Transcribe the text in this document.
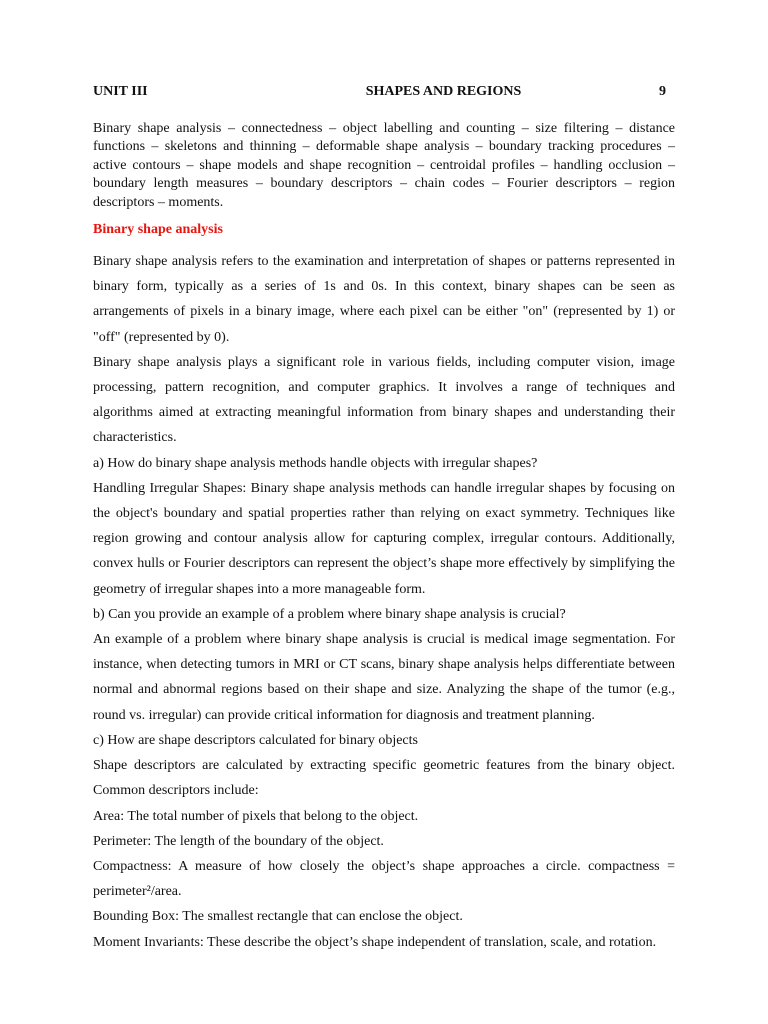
UNIT III	SHAPES AND REGIONS	9

Binary shape analysis – connectedness – object labelling and counting – size filtering – distance functions – skeletons and thinning – deformable shape analysis – boundary tracking procedures – active contours – shape models and shape recognition – centroidal profiles – handling occlusion – boundary length measures – boundary descriptors – chain codes – Fourier descriptors – region descriptors – moments.

Binary shape analysis

Binary shape analysis refers to the examination and interpretation of shapes or patterns represented in binary form, typically as a series of 1s and 0s. In this context, binary shapes can be seen as arrangements of pixels in a binary image, where each pixel can be either "on" (represented by 1) or "off" (represented by 0).

Binary shape analysis plays a significant role in various fields, including computer vision, image processing, pattern recognition, and computer graphics. It involves a range of techniques and algorithms aimed at extracting meaningful information from binary shapes and understanding their characteristics.

a) How do binary shape analysis methods handle objects with irregular shapes?

Handling Irregular Shapes: Binary shape analysis methods can handle irregular shapes by focusing on the object's boundary and spatial properties rather than relying on exact symmetry. Techniques like region growing and contour analysis allow for capturing complex, irregular contours. Additionally, convex hulls or Fourier descriptors can represent the object’s shape more effectively by simplifying the geometry of irregular shapes into a more manageable form.

b) Can you provide an example of a problem where binary shape analysis is crucial?

An example of a problem where binary shape analysis is crucial is medical image segmentation. For instance, when detecting tumors in MRI or CT scans, binary shape analysis helps differentiate between normal and abnormal regions based on their shape and size. Analyzing the shape of the tumor (e.g., round vs. irregular) can provide critical information for diagnosis and treatment planning.

c) How are shape descriptors calculated for binary objects

Shape descriptors are calculated by extracting specific geometric features from the binary object. Common descriptors include:

Area: The total number of pixels that belong to the object.

Perimeter: The length of the boundary of the object.

Compactness: A measure of how closely the object’s shape approaches a circle. compactness = perimeter²/area.

Bounding Box: The smallest rectangle that can enclose the object.

Moment Invariants: These describe the object’s shape independent of translation, scale, and rotation.
